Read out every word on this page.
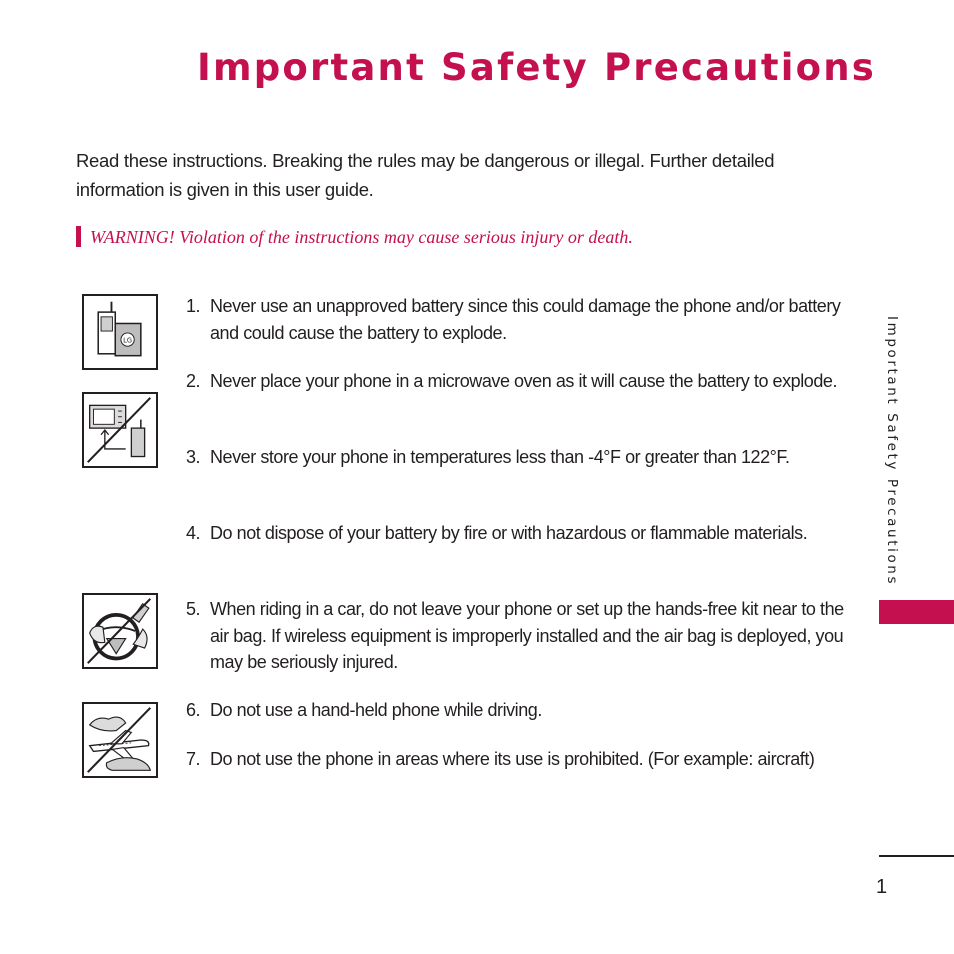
Important Safety Precautions

Read these instructions. Breaking the rules may be dangerous or illegal. Further detailed information is given in this user guide.

WARNING! Violation of the instructions may cause serious injury or death.

LG
1. Never use an unapproved battery since this could damage the phone and/or battery and could cause the battery to explode.
2. Never place your phone in a microwave oven as it will cause the battery to explode.
3. Never store your phone in temperatures less than -4°F or greater than 122°F.
4. Do not dispose of your battery by fire or with hazardous or flammable materials.
5. When riding in a car, do not leave your phone or set up the hands-free kit near to the air bag. If wireless equipment is improperly installed and the air bag is deployed, you may be seriously injured.
6. Do not use a hand-held phone while driving.
7. Do not use the phone in areas where its use is prohibited. (For example: aircraft)
Important Safety Precautions
1
